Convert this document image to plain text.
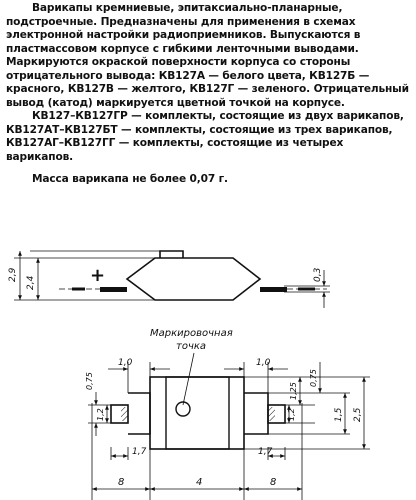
Варикапы кремниевые, эпитаксиально-планарные, подстроечные. Предназначены для применения в схемах электронной настройки радиоприемников. Выпускаются в пластмассовом корпусе с гибкими ленточными выводами. Маркируются окраской поверхности корпуса со стороны отрицательного вывода: КВ127А — белого цвета, КВ127Б — красного, КВ127В — желтого, КВ127Г — зеленого. Отрицательный вывод (катод) маркируется цветной точкой на корпусе.

КВ127–КВ127ГР — комплекты, состоящие из двух варикапов, КВ127АТ–КВ127БТ — комплекты, состоящие из трех варикапов, КВ127АГ–КВ127ГГ — комплекты, состоящие из четырех варикапов.

Масса варикапа не более 0,07 г.

+
2,9
2,4
0,3
Маркировочная
точка
1,0	1,0
0,75
1,25
0,75
1,2	1,2	1,5 2,5
1,7	1,7
8	4	8
